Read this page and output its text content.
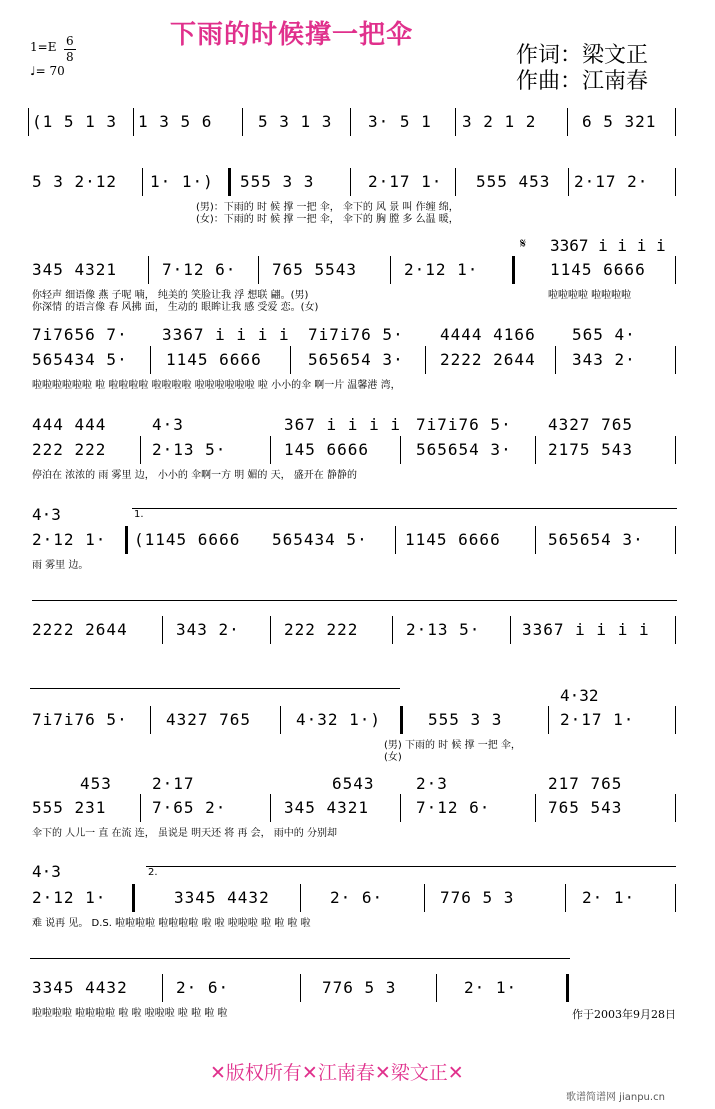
下雨的时候撑一把伞
作词：梁文正
作曲：江南春
1=E 6
8
♩= 70
(1 5 1 3 1 3 5 6	5 3 1 3 3· 5 1 3 2 1 2	6 5 321
5 3 2·12 1· 1·) 555 3 3	2·17 1· 555 453 2·17 2·
(男)：下雨的 时 候 撑 一把 伞， 伞下的 风 景 叫 作缠 绵，
(女)：下雨的 时 候 撑 一把 伞， 伞下的 胸 膛 多 么温 暖，
𝄋 3367 i i i i
345 4321	7·12 6· 765 5543	2·12 1·	1145 6666
你轻声 细语像 燕 子呢 喃， 纯美的 笑脸让我 浮 想联 翩。(男)
你深情 的语言像 春 风拂 面， 生动的 眼眸让我 感 受爱 恋。(女)
啦啦啦啦 啦啦啦啦
7i7656 7· 3367 i i i i 7i7i76 5· 4444 4166 565 4·
565434 5· 1145 6666	565654 3· 2222 2644 343 2·
啦啦啦啦啦啦 啦 啦啦啦啦 啦啦啦啦 啦啦啦啦啦啦 啦 小小的伞 啊一片 温馨港 湾，
444 444	4·3	367 i i i i 7i7i76 5· 4327 765
222 222	2·13 5·	145 6666	565654 3· 2175 543
停泊在 浓浓的 雨 雾里 边， 小小的 伞啊一方 明 媚的 天， 盛开在 静静的
4·3	1.
2·12 1· (1145 6666 565434 5· 1145 6666	565654 3·
雨 雾里 边。
2222 2644	343 2·	222 222	2·13 5·	3367 i i i i
4·32
7i7i76 5· 4327 765	4·32 1·)	555 3 3	2·17 1·
(男) 下雨的 时 候 撑 一把 伞，
(女)
453	2·17	6543	2·3	217 765
555 231	7·65 2·	345 4321	7·12 6·	765 543
伞下的 人儿一 直 在流 连， 虽说是 明天还 将 再 会， 雨中的 分别却
4·3	2.
2·12 1·	3345 4432	2· 6·	776 5 3	2· 1·
难 说再 见。 D.S. 啦啦啦啦 啦啦啦啦 啦 啦 啦啦啦 啦 啦 啦 啦
3345 4432	2· 6·	776 5 3	2· 1·
啦啦啦啦 啦啦啦啦 啦 啦 啦啦啦 啦 啦 啦 啦	作于2003年9月28日
✕版权所有✕江南春✕梁文正✕
歌谱简谱网 jianpu.cn
